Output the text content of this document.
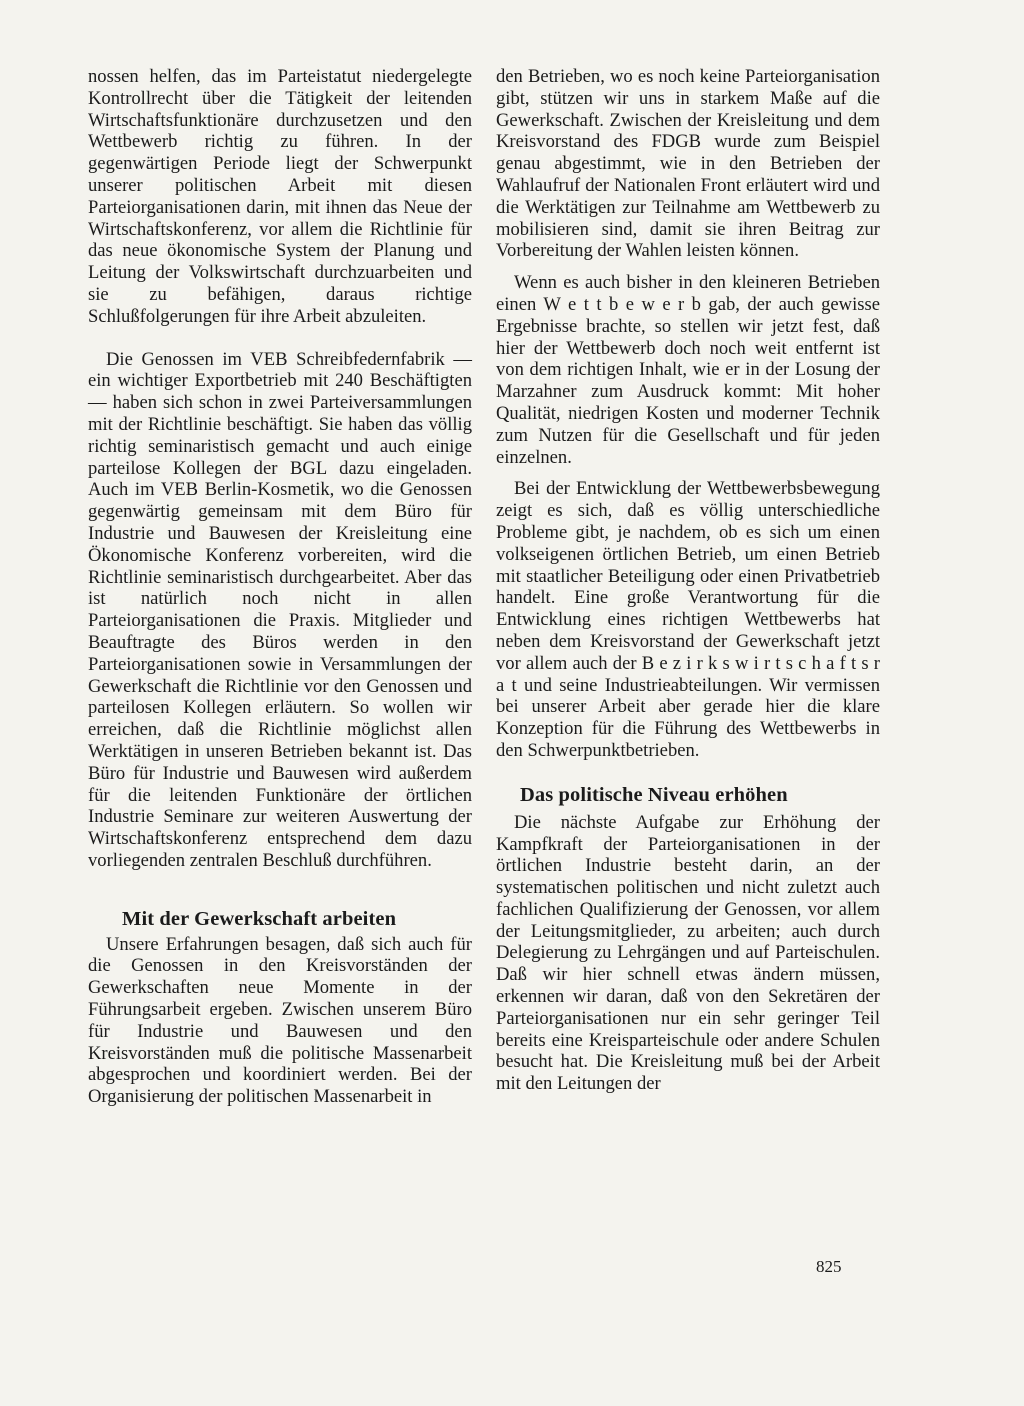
nossen helfen, das im Parteistatut niedergelegte Kontrollrecht über die Tätigkeit der leitenden Wirtschaftsfunktionäre durchzusetzen und den Wettbewerb richtig zu führen. In der gegenwärtigen Periode liegt der Schwerpunkt unserer politischen Arbeit mit diesen Parteiorganisationen darin, mit ihnen das Neue der Wirtschaftskonferenz, vor allem die Richtlinie für das neue ökonomische System der Planung und Leitung der Volkswirtschaft durchzuarbeiten und sie zu befähigen, daraus richtige Schlußfolgerungen für ihre Arbeit abzuleiten.

Die Genossen im VEB Schreibfedernfabrik — ein wichtiger Exportbetrieb mit 240 Beschäftigten — haben sich schon in zwei Parteiversammlungen mit der Richtlinie beschäftigt. Sie haben das völlig richtig seminaristisch gemacht und auch einige parteilose Kollegen der BGL dazu eingeladen. Auch im VEB Berlin-Kosmetik, wo die Genossen gegenwärtig gemeinsam mit dem Büro für Industrie und Bauwesen der Kreisleitung eine Ökonomische Konferenz vorbereiten, wird die Richtlinie seminaristisch durchgearbeitet. Aber das ist natürlich noch nicht in allen Parteiorganisationen die Praxis. Mitglieder und Beauftragte des Büros werden in den Parteiorganisationen sowie in Versammlungen der Gewerkschaft die Richtlinie vor den Genossen und parteilosen Kollegen erläutern. So wollen wir erreichen, daß die Richtlinie möglichst allen Werktätigen in unseren Betrieben bekannt ist. Das Büro für Industrie und Bauwesen wird außerdem für die leitenden Funktionäre der örtlichen Industrie Seminare zur weiteren Auswertung der Wirtschaftskonferenz entsprechend dem dazu vorliegenden zentralen Beschluß durchführen.

Mit der Gewerkschaft arbeiten

Unsere Erfahrungen besagen, daß sich auch für die Genossen in den Kreisvorständen der Gewerkschaften neue Momente in der Führungsarbeit ergeben. Zwischen unserem Büro für Industrie und Bauwesen und den Kreisvorständen muß die politische Massenarbeit abgesprochen und koordiniert werden. Bei der Organisierung der politischen Massenarbeit in

den Betrieben, wo es noch keine Parteiorganisation gibt, stützen wir uns in starkem Maße auf die Gewerkschaft. Zwischen der Kreisleitung und dem Kreisvorstand des FDGB wurde zum Beispiel genau abgestimmt, wie in den Betrieben der Wahlaufruf der Nationalen Front erläutert wird und die Werktätigen zur Teilnahme am Wettbewerb zu mobilisieren sind, damit sie ihren Beitrag zur Vorbereitung der Wahlen leisten können.

Wenn es auch bisher in den kleineren Betrieben einen W e t t b e w e r b gab, der auch gewisse Ergebnisse brachte, so stellen wir jetzt fest, daß hier der Wettbewerb doch noch weit entfernt ist von dem richtigen Inhalt, wie er in der Losung der Marzahner zum Ausdruck kommt: Mit hoher Qualität, niedrigen Kosten und moderner Technik zum Nutzen für die Gesellschaft und für jeden einzelnen.

Bei der Entwicklung der Wettbewerbsbewegung zeigt es sich, daß es völlig unterschiedliche Probleme gibt, je nachdem, ob es sich um einen volkseigenen örtlichen Betrieb, um einen Betrieb mit staatlicher Beteiligung oder einen Privatbetrieb handelt. Eine große Verantwortung für die Entwicklung eines richtigen Wettbewerbs hat neben dem Kreisvorstand der Gewerkschaft jetzt vor allem auch der B e z i r k s w i r t s c h a f t s r a t und seine Industrieabteilungen. Wir vermissen bei unserer Arbeit aber gerade hier die klare Konzeption für die Führung des Wettbewerbs in den Schwerpunktbetrieben.

Das politische Niveau erhöhen

Die nächste Aufgabe zur Erhöhung der Kampfkraft der Parteiorganisationen in der örtlichen Industrie besteht darin, an der systematischen politischen und nicht zuletzt auch fachlichen Qualifizierung der Genossen, vor allem der Leitungsmitglieder, zu arbeiten; auch durch Delegierung zu Lehrgängen und auf Parteischulen. Daß wir hier schnell etwas ändern müssen, erkennen wir daran, daß von den Sekretären der Parteiorganisationen nur ein sehr geringer Teil bereits eine Kreisparteischule oder andere Schulen besucht hat. Die Kreisleitung muß bei der Arbeit mit den Leitungen der

825
